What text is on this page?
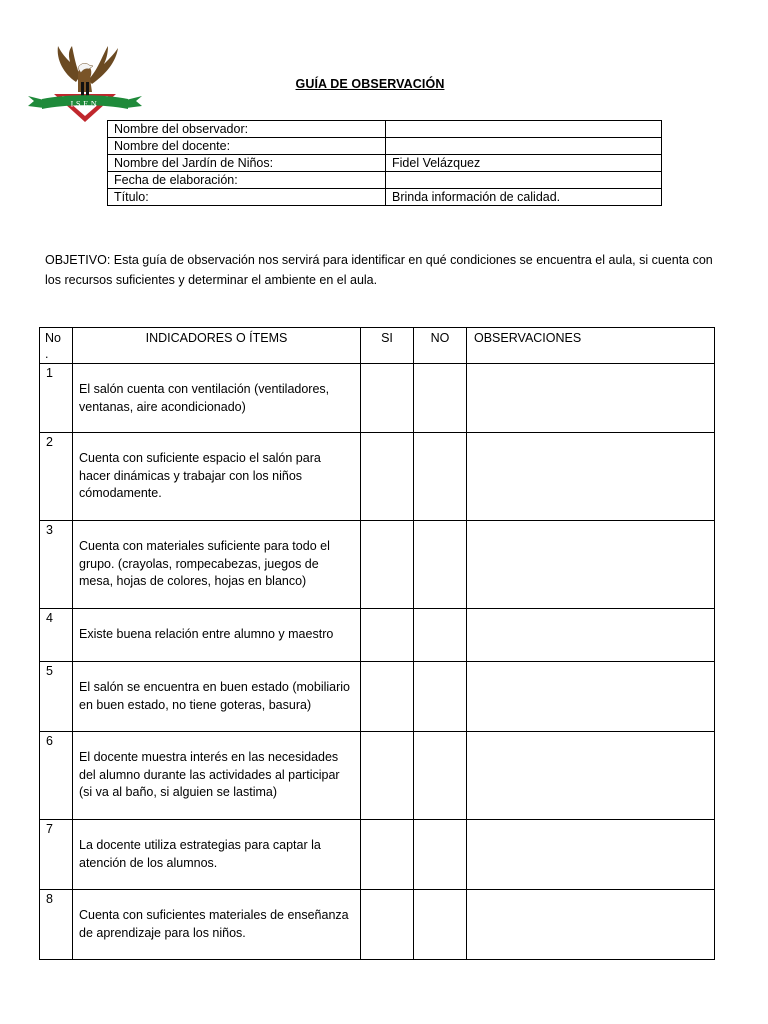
ISEN
GUÍA DE OBSERVACIÓN
Nombre del observador:	
Nombre del docente:	
Nombre del Jardín de Niños:	Fidel Velázquez
Fecha de elaboración:	
Título:	Brinda información de calidad.
OBJETIVO: Esta guía de observación nos servirá para identificar en qué condiciones se encuentra el aula, si cuenta con los recursos suficientes y determinar el ambiente en el aula.
No
.	INDICADORES O ÍTEMS	SI	NO	OBSERVACIONES

1	El salón cuenta con ventilación (ventiladores, ventanas, aire acondicionado)			

2	Cuenta con suficiente espacio el salón para hacer dinámicas y trabajar con los niños cómodamente.			

3	Cuenta con materiales suficiente para todo el grupo. (crayolas, rompecabezas, juegos de mesa, hojas de colores, hojas en blanco)			

4	Existe buena relación entre alumno y maestro			

5	El salón se encuentra en buen estado (mobiliario en buen estado, no tiene goteras, basura)			

6	El docente muestra interés en las necesidades del alumno durante las actividades al participar (si va al baño, si alguien se lastima)			

7	La docente utiliza estrategias para captar la atención de los alumnos.			

8	Cuenta con suficientes materiales de enseñanza de aprendizaje para los niños.			
